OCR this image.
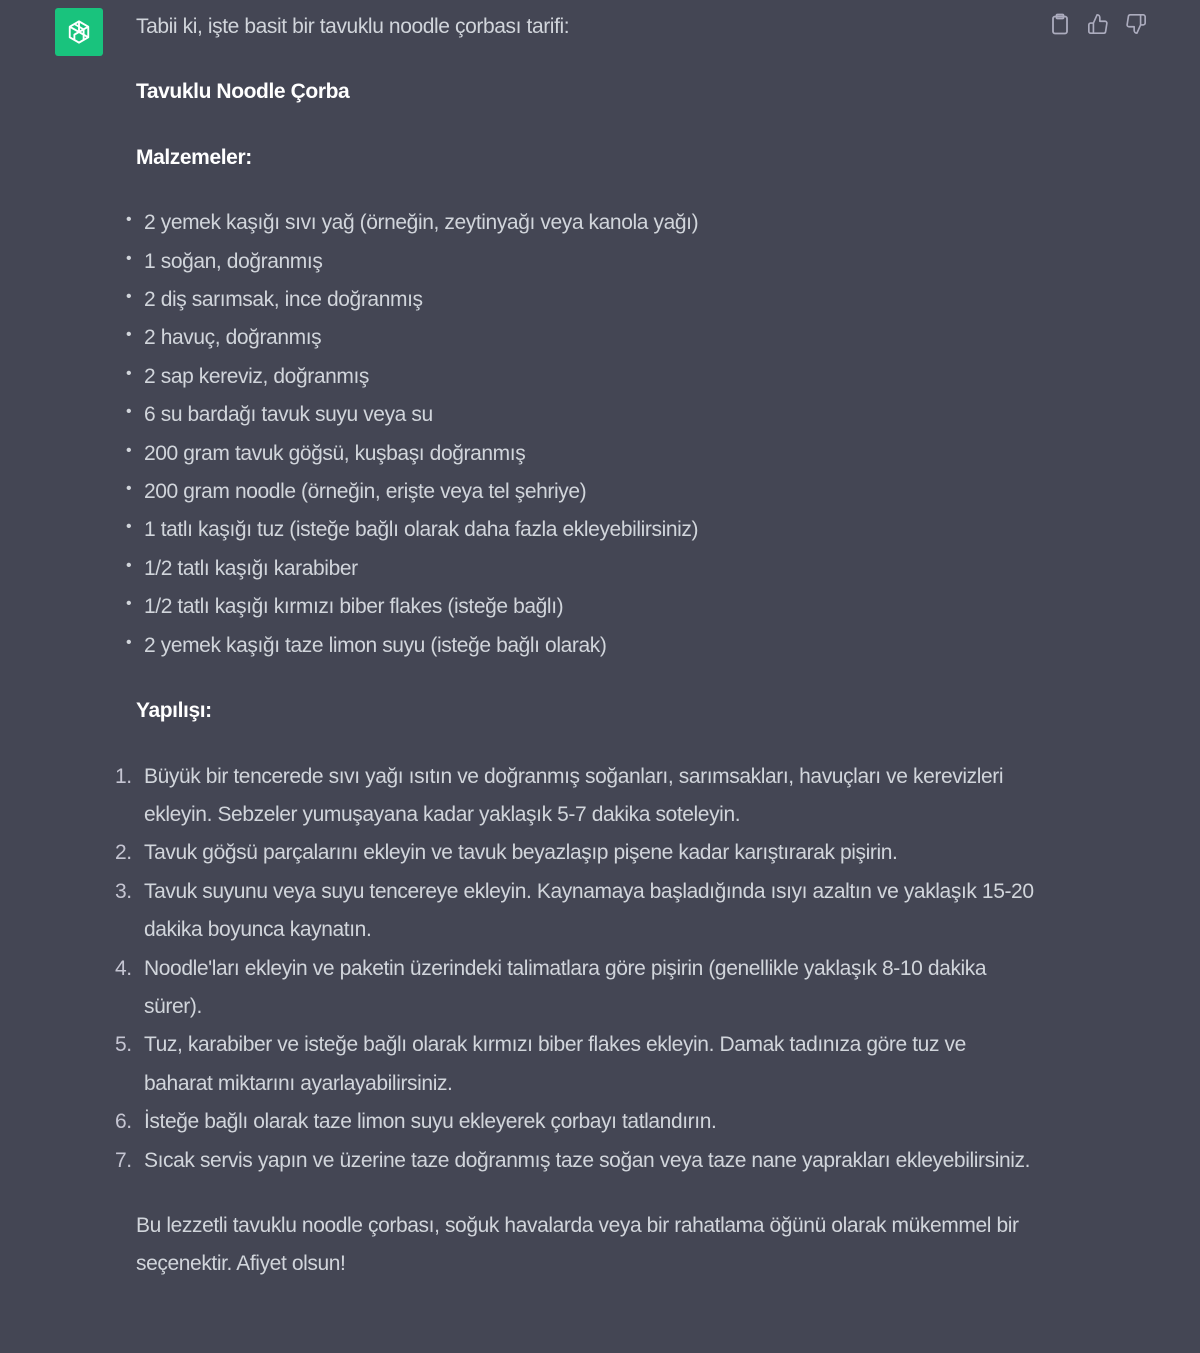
Tabii ki, işte basit bir tavuklu noodle çorbası tarifi:

Tavuklu Noodle Çorba

Malzemeler:

• 2 yemek kaşığı sıvı yağ (örneğin, zeytinyağı veya kanola yağı)
• 1 soğan, doğranmış
• 2 diş sarımsak, ince doğranmış
• 2 havuç, doğranmış
• 2 sap kereviz, doğranmış
• 6 su bardağı tavuk suyu veya su
• 200 gram tavuk göğsü, kuşbaşı doğranmış
• 200 gram noodle (örneğin, erişte veya tel şehriye)
• 1 tatlı kaşığı tuz (isteğe bağlı olarak daha fazla ekleyebilirsiniz)
• 1/2 tatlı kaşığı karabiber
• 1/2 tatlı kaşığı kırmızı biber flakes (isteğe bağlı)
• 2 yemek kaşığı taze limon suyu (isteğe bağlı olarak)

Yapılışı:

1. Büyük bir tencerede sıvı yağı ısıtın ve doğranmış soğanları, sarımsakları, havuçları ve kerevizleri ekleyin. Sebzeler yumuşayana kadar yaklaşık 5-7 dakika soteleyin.
2. Tavuk göğsü parçalarını ekleyin ve tavuk beyazlaşıp pişene kadar karıştırarak pişirin.
3. Tavuk suyunu veya suyu tencereye ekleyin. Kaynamaya başladığında ısıyı azaltın ve yaklaşık 15-20 dakika boyunca kaynatın.
4. Noodle'ları ekleyin ve paketin üzerindeki talimatlara göre pişirin (genellikle yaklaşık 8-10 dakika sürer).
5. Tuz, karabiber ve isteğe bağlı olarak kırmızı biber flakes ekleyin. Damak tadınıza göre tuz ve baharat miktarını ayarlayabilirsiniz.
6. İsteğe bağlı olarak taze limon suyu ekleyerek çorbayı tatlandırın.
7. Sıcak servis yapın ve üzerine taze doğranmış taze soğan veya taze nane yaprakları ekleyebilirsiniz.

Bu lezzetli tavuklu noodle çorbası, soğuk havalarda veya bir rahatlama öğünü olarak mükemmel bir seçenektir. Afiyet olsun!
